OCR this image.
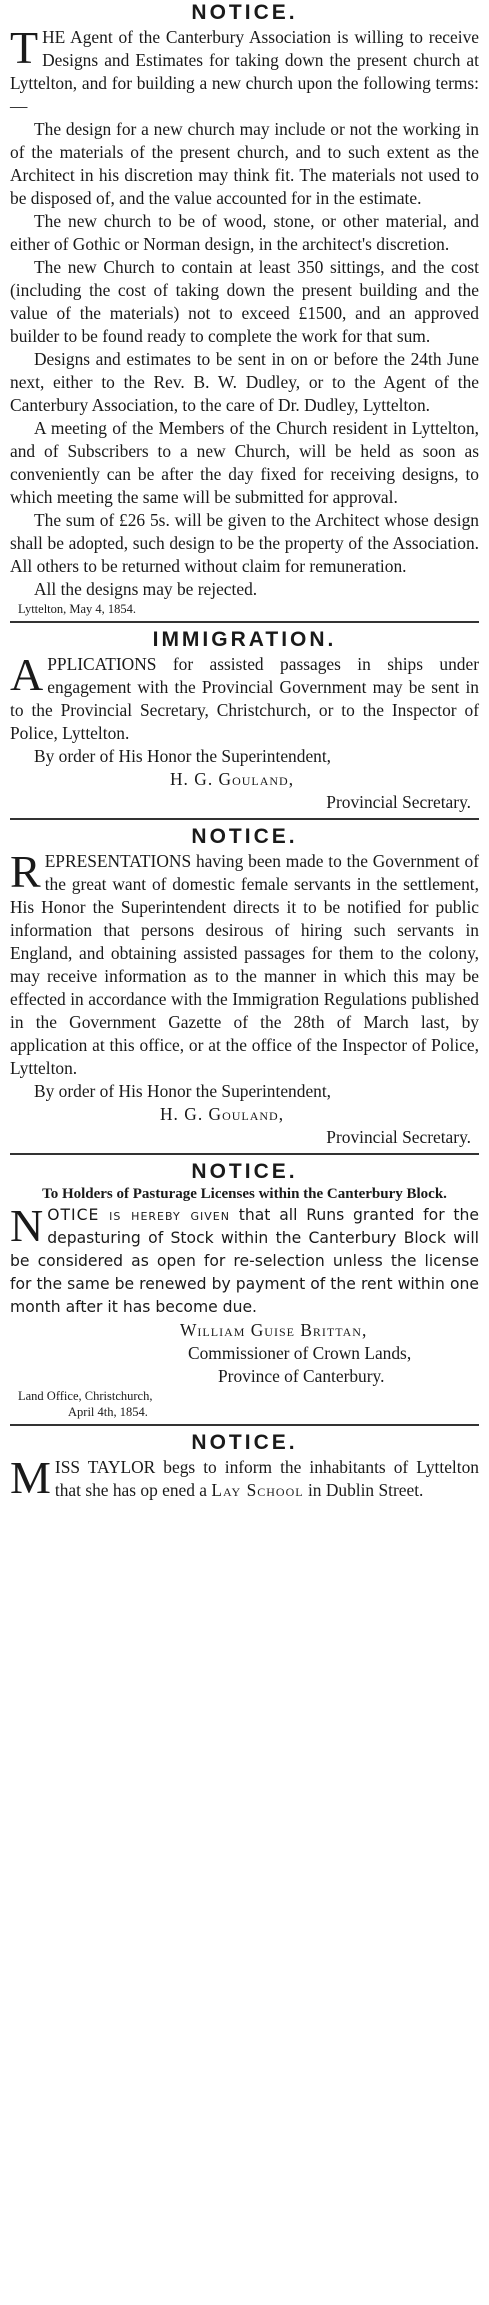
NOTICE.

THE Agent of the Canterbury Association is willing to receive Designs and Estimates for taking down the present church at Lyttelton, and for building a new church upon the following terms:—

The design for a new church may include or not the working in of the materials of the present church, and to such extent as the Architect in his discretion may think fit. The materials not used to be disposed of, and the value accounted for in the estimate.

The new church to be of wood, stone, or other material, and either of Gothic or Norman design, in the architect's discretion.

The new Church to contain at least 350 sittings, and the cost (including the cost of taking down the present building and the value of the materials) not to exceed £1500, and an approved builder to be found ready to complete the work for that sum.

Designs and estimates to be sent in on or before the 24th June next, either to the Rev. B. W. Dudley, or to the Agent of the Canterbury Association, to the care of Dr. Dudley, Lyttelton.

A meeting of the Members of the Church resident in Lyttelton, and of Subscribers to a new Church, will be held as soon as conveniently can be after the day fixed for receiving designs, to which meeting the same will be submitted for approval.

The sum of £26 5s. will be given to the Architect whose design shall be adopted, such design to be the property of the Association. All others to be returned without claim for remuneration.

All the designs may be rejected.

Lyttelton, May 4, 1854.

IMMIGRATION.

APPLICATIONS for assisted passages in ships under engagement with the Provincial Government may be sent in to the Provincial Secretary, Christchurch, or to the Inspector of Police, Lyttelton.

By order of His Honor the Superintendent,

H. G. Gouland,

Provincial Secretary.

NOTICE.

REPRESENTATIONS having been made to the Government of the great want of domestic female servants in the settlement, His Honor the Superintendent directs it to be notified for public information that persons desirous of hiring such servants in England, and obtaining assisted passages for them to the colony, may receive information as to the manner in which this may be effected in accordance with the Immigration Regulations published in the Government Gazette of the 28th of March last, by application at this office, or at the office of the Inspector of Police, Lyttelton.

By order of His Honor the Superintendent,

H. G. Gouland,

Provincial Secretary.

NOTICE.

To Holders of Pasturage Licenses within the Canterbury Block.

NOTICE is hereby given that all Runs granted for the depasturing of Stock within the Canterbury Block will be considered as open for re-selection unless the license for the same be renewed by payment of the rent within one month after it has become due.

William Guise Brittan,

Commissioner of Crown Lands,

Province of Canterbury.

Land Office, Christchurch,

April 4th, 1854.

NOTICE.

MISS TAYLOR begs to inform the inhabitants of Lyttelton that she has op ened a Lay School in Dublin Street.
